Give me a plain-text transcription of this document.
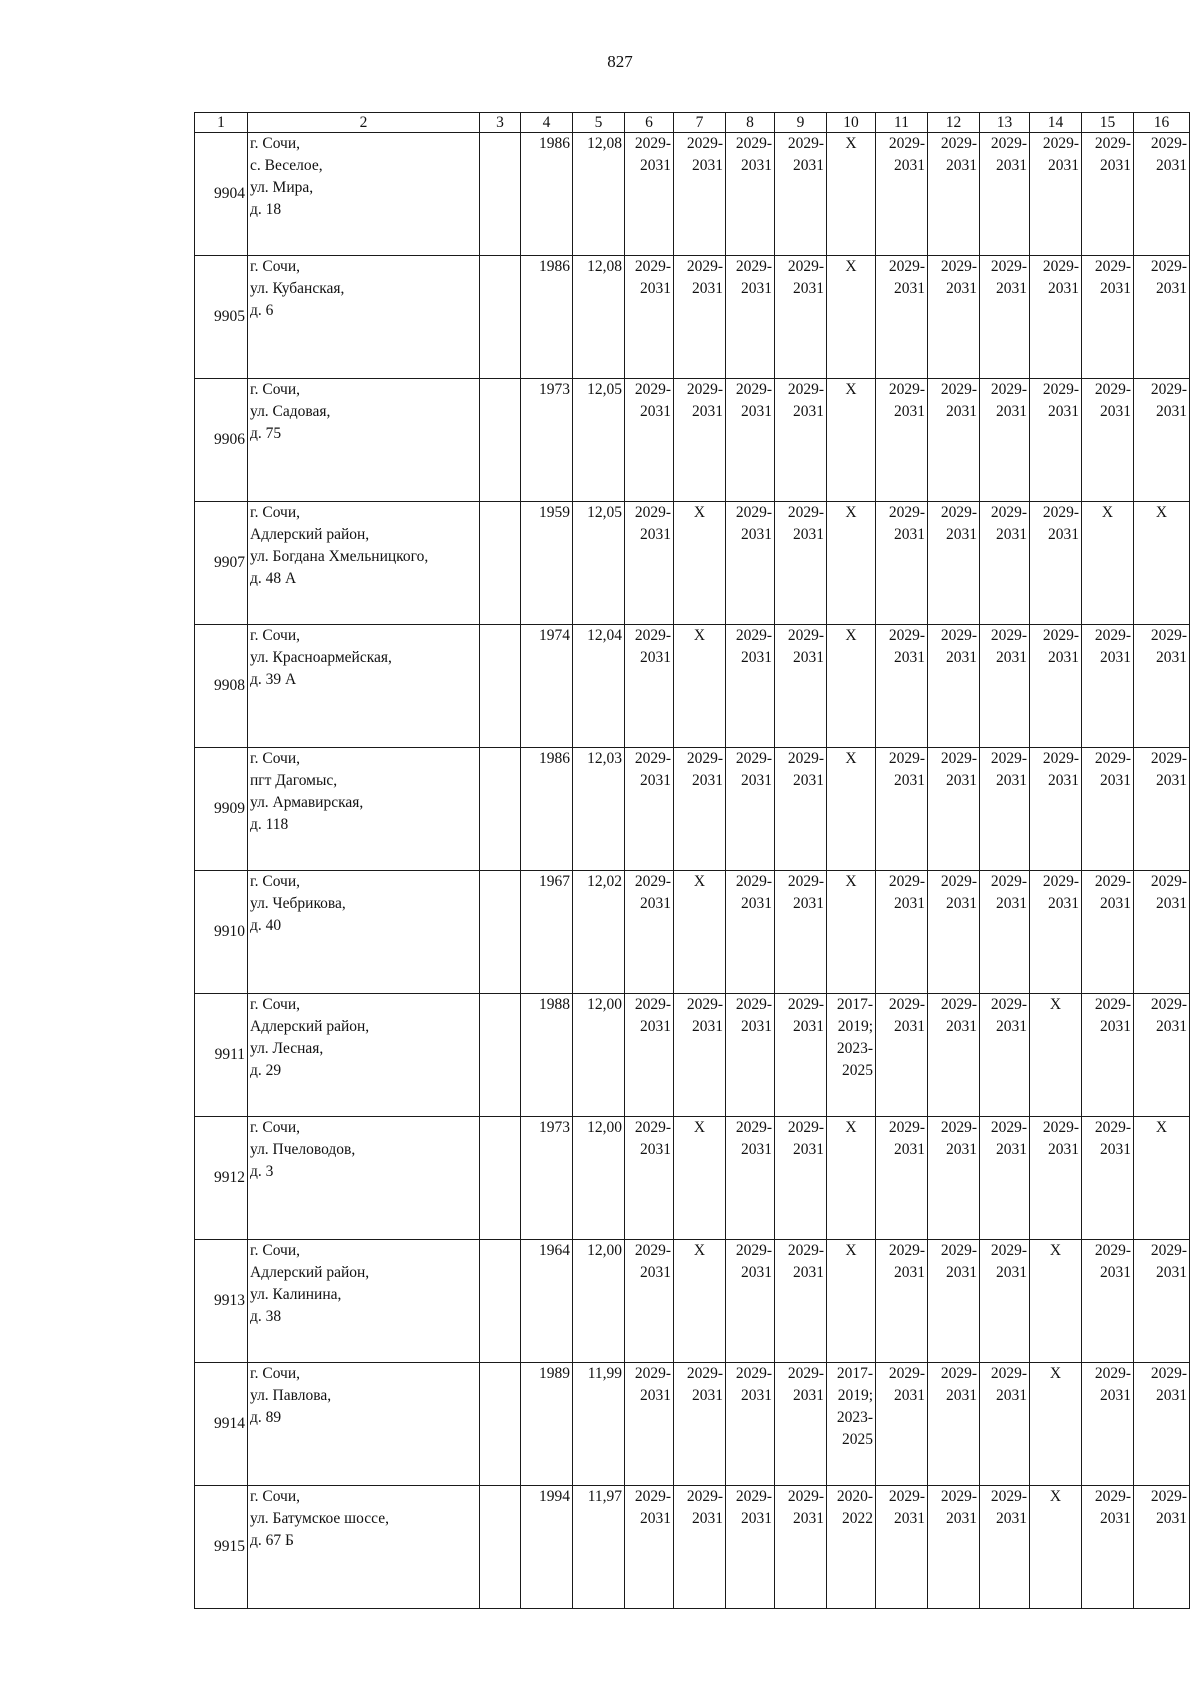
827
1	2	3	4	5	6	7	8	9	10	11	12	13	14	15	16
9904	г. Сочи,
с. Веселое,
ул. Мира,
д. 18		1986	12,08	2029-
2031	2029-
2031	2029-
2031	2029-
2031	X	2029-
2031	2029-
2031	2029-
2031	2029-
2031	2029-
2031	2029-
2031

9905	г. Сочи,
ул. Кубанская,
д. 6		1986	12,08	2029-
2031	2029-
2031	2029-
2031	2029-
2031	X	2029-
2031	2029-
2031	2029-
2031	2029-
2031	2029-
2031	2029-
2031

9906	г. Сочи,
ул. Садовая,
д. 75		1973	12,05	2029-
2031	2029-
2031	2029-
2031	2029-
2031	X	2029-
2031	2029-
2031	2029-
2031	2029-
2031	2029-
2031	2029-
2031

9907	г. Сочи,
Адлерский район,
ул. Богдана Хмельницкого,
д. 48 А		1959	12,05	2029-
2031	X	2029-
2031	2029-
2031	X	2029-
2031	2029-
2031	2029-
2031	2029-
2031	X	X

9908	г. Сочи,
ул. Красноармейская,
д. 39 А		1974	12,04	2029-
2031	X	2029-
2031	2029-
2031	X	2029-
2031	2029-
2031	2029-
2031	2029-
2031	2029-
2031	2029-
2031

9909	г. Сочи,
пгт Дагомыс,
ул. Армавирская,
д. 118		1986	12,03	2029-
2031	2029-
2031	2029-
2031	2029-
2031	X	2029-
2031	2029-
2031	2029-
2031	2029-
2031	2029-
2031	2029-
2031

9910	г. Сочи,
ул. Чебрикова,
д. 40		1967	12,02	2029-
2031	X	2029-
2031	2029-
2031	X	2029-
2031	2029-
2031	2029-
2031	2029-
2031	2029-
2031	2029-
2031

9911	г. Сочи,
Адлерский район,
ул. Лесная,
д. 29		1988	12,00	2029-
2031	2029-
2031	2029-
2031	2029-
2031	2017-
2019;
2023-
2025	2029-
2031	2029-
2031	2029-
2031	X	2029-
2031	2029-
2031

9912	г. Сочи,
ул. Пчеловодов,
д. 3		1973	12,00	2029-
2031	X	2029-
2031	2029-
2031	X	2029-
2031	2029-
2031	2029-
2031	2029-
2031	2029-
2031	X

9913	г. Сочи,
Адлерский район,
ул. Калинина,
д. 38		1964	12,00	2029-
2031	X	2029-
2031	2029-
2031	X	2029-
2031	2029-
2031	2029-
2031	X	2029-
2031	2029-
2031

9914	г. Сочи,
ул. Павлова,
д. 89		1989	11,99	2029-
2031	2029-
2031	2029-
2031	2029-
2031	2017-
2019;
2023-
2025	2029-
2031	2029-
2031	2029-
2031	X	2029-
2031	2029-
2031

9915	г. Сочи,
ул. Батумское шоссе,
д. 67 Б		1994	11,97	2029-
2031	2029-
2031	2029-
2031	2029-
2031	2020-
2022	2029-
2031	2029-
2031	2029-
2031	X	2029-
2031	2029-
2031
